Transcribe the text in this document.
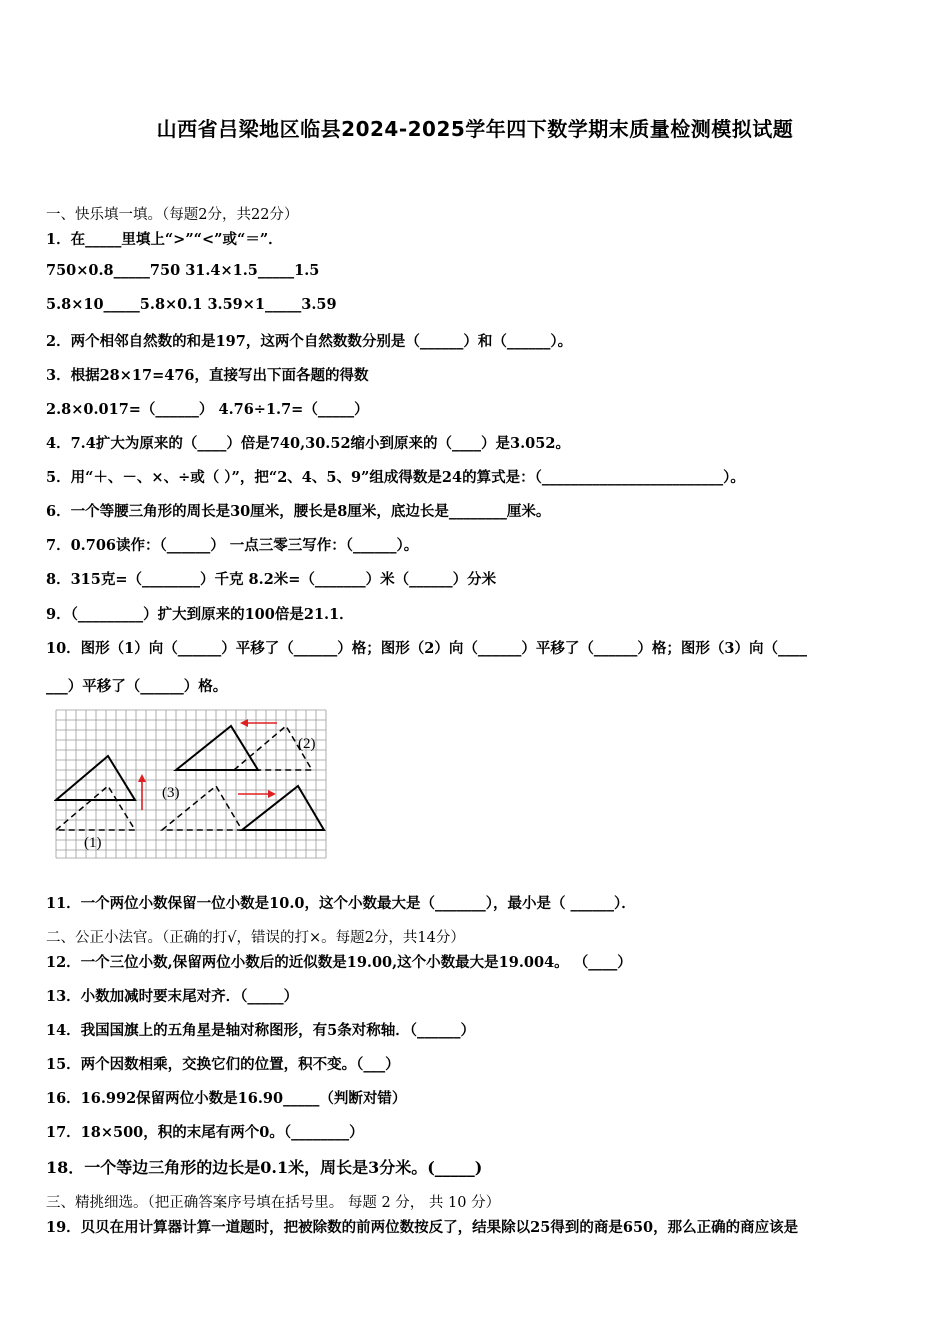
山西省吕梁地区临县2024-2025学年四下数学期末质量检测模拟试题
一、快乐填一填。（每题2分，共22分）
1．在_____里填上“>”“<”或“＝”．
750×0.8_____750 31.4×1.5_____1.5
5.8×10_____5.8×0.1 3.59×1_____3.59
2．两个相邻自然数的和是197，这两个自然数数分别是（______）和（______）。
3．根据28×17=476，直接写出下面各题的得数
2.8×0.017=（______） 4.76÷1.7=（_____）
4．7.4扩大为原来的（____）倍是740,30.52缩小到原来的（____）是3.052。
5．用“＋、－、×、÷或（ ）”，把“2、4、5、9”组成得数是24的算式是：（_________________________）。
6．一个等腰三角形的周长是30厘米，腰长是8厘米，底边长是________厘米。
7．0.706读作：（______） 一点三零三写作：（______）。
8．315克=（________）千克 8.2米=（_______）米（______）分米
9．（_________）扩大到原来的100倍是21.1．
10．图形（1）向（______）平移了（______）格；图形（2）向（______）平移了（______）格；图形（3）向（____
___）平移了（______）格。
(1)
(2)
(3)
11．一个两位小数保留一位小数是10.0，这个小数最大是（_______），最小是（ ______）．
二、公正小法官。（正确的打√，错误的打×。每题2分，共14分）
12．一个三位小数,保留两位小数后的近似数是19.00,这个小数最大是19.004。 （____）
13．小数加减时要末尾对齐．（_____）
14．我国国旗上的五角星是轴对称图形，有5条对称轴．（______）
15．两个因数相乘，交换它们的位置，积不变。（___）
16．16.992保留两位小数是16.90_____（判断对错）
17．18×500，积的末尾有两个0。（________）
18．一个等边三角形的边长是0.1米，周长是3分米。(_____)
三、精挑细选。（把正确答案序号填在括号里。 每题 2 分， 共 10 分）
19．贝贝在用计算器计算一道题时，把被除数的前两位数按反了，结果除以25得到的商是650，那么正确的商应该是
